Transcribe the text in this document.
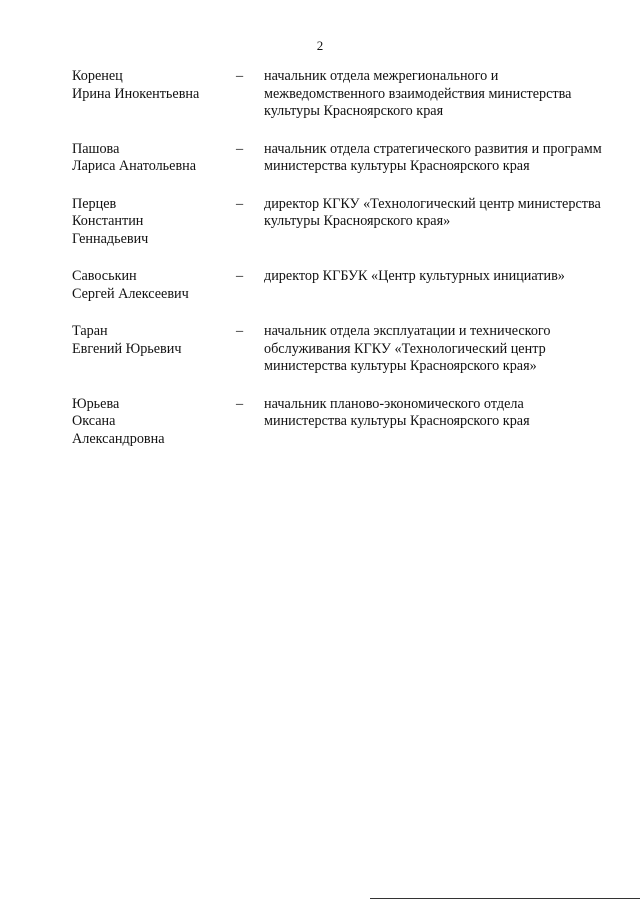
2
Коренец
Ирина Инокентьевна
–	начальник отдела межрегионального и межведомственного взаимодействия министерства культуры Красноярского края
Пашова
Лариса Анатольевна
–	начальник отдела стратегического развития и программ министерства культуры Красноярского края
Перцев
Константин
Геннадьевич
–	директор КГКУ «Технологический центр министерства культуры Красноярского края»
Савоськин
Сергей Алексеевич
–	директор КГБУК «Центр культурных инициатив»
Таран
Евгений Юрьевич
–	начальник отдела эксплуатации и технического обслуживания КГКУ «Технологический центр министерства культуры Красноярского края»
Юрьева
Оксана
Александровна
–	начальник планово-экономического отдела министерства культуры Красноярского края
